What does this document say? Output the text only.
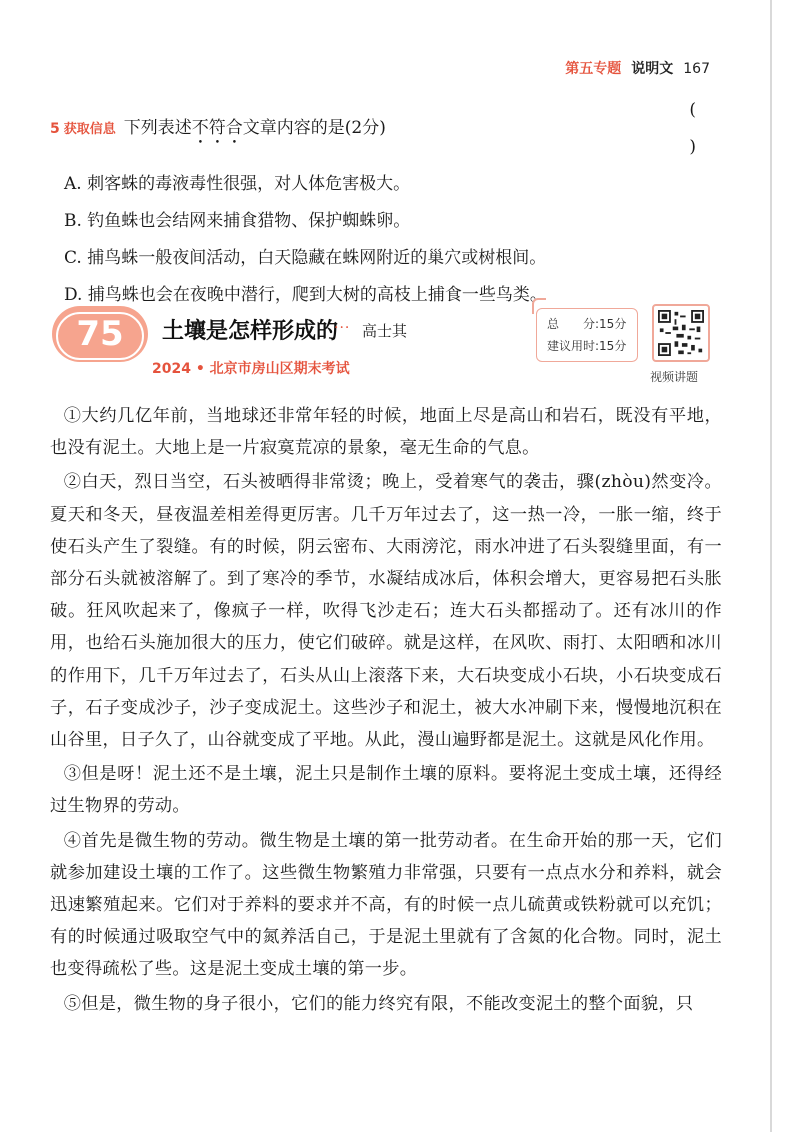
第五专题 说明文 167
5 获取信息 下列表述不符合文章内容的是(2分)
( )
A. 刺客蛛的毒液毒性很强，对人体危害极大。
B. 钓鱼蛛也会结网来捕食猎物、保护蜘蛛卵。
C. 捕鸟蛛一般夜间活动，白天隐藏在蛛网附近的巢穴或树根间。
D. 捕鸟蛛也会在夜晚中潜行，爬到大树的高枝上捕食一些鸟类。
75 土壤是怎样形成的
··· 高士其
2024 • 北京市房山区期末考试
总　　分:15分
建议用时:15分
视频讲题

①大约几亿年前，当地球还非常年轻的时候，地面上尽是高山和岩石，既没有平地，也没有泥土。大地上是一片寂寞荒凉的景象，毫无生命的气息。

②白天，烈日当空，石头被晒得非常烫；晚上，受着寒气的袭击，骤(zhòu)然变冷。夏天和冬天，昼夜温差相差得更厉害。几千万年过去了，这一热一冷，一胀一缩，终于使石头产生了裂缝。有的时候，阴云密布、大雨滂沱，雨水冲进了石头裂缝里面，有一部分石头就被溶解了。到了寒冷的季节，水凝结成冰后，体积会增大，更容易把石头胀破。狂风吹起来了，像疯子一样，吹得飞沙走石；连大石头都摇动了。还有冰川的作用，也给石头施加很大的压力，使它们破碎。就是这样，在风吹、雨打、太阳晒和冰川的作用下，几千万年过去了，石头从山上滚落下来，大石块变成小石块，小石块变成石子，石子变成沙子，沙子变成泥土。这些沙子和泥土，被大水冲刷下来，慢慢地沉积在山谷里，日子久了，山谷就变成了平地。从此，漫山遍野都是泥土。这就是风化作用。

③但是呀！泥土还不是土壤，泥土只是制作土壤的原料。要将泥土变成土壤，还得经过生物界的劳动。

④首先是微生物的劳动。微生物是土壤的第一批劳动者。在生命开始的那一天，它们就参加建设土壤的工作了。这些微生物繁殖力非常强，只要有一点点水分和养料，就会迅速繁殖起来。它们对于养料的要求并不高，有的时候一点儿硫黄或铁粉就可以充饥；有的时候通过吸取空气中的氮养活自己，于是泥土里就有了含氮的化合物。同时，泥土也变得疏松了些。这是泥土变成土壤的第一步。

⑤但是，微生物的身子很小，它们的能力终究有限，不能改变泥土的整个面貌，只
